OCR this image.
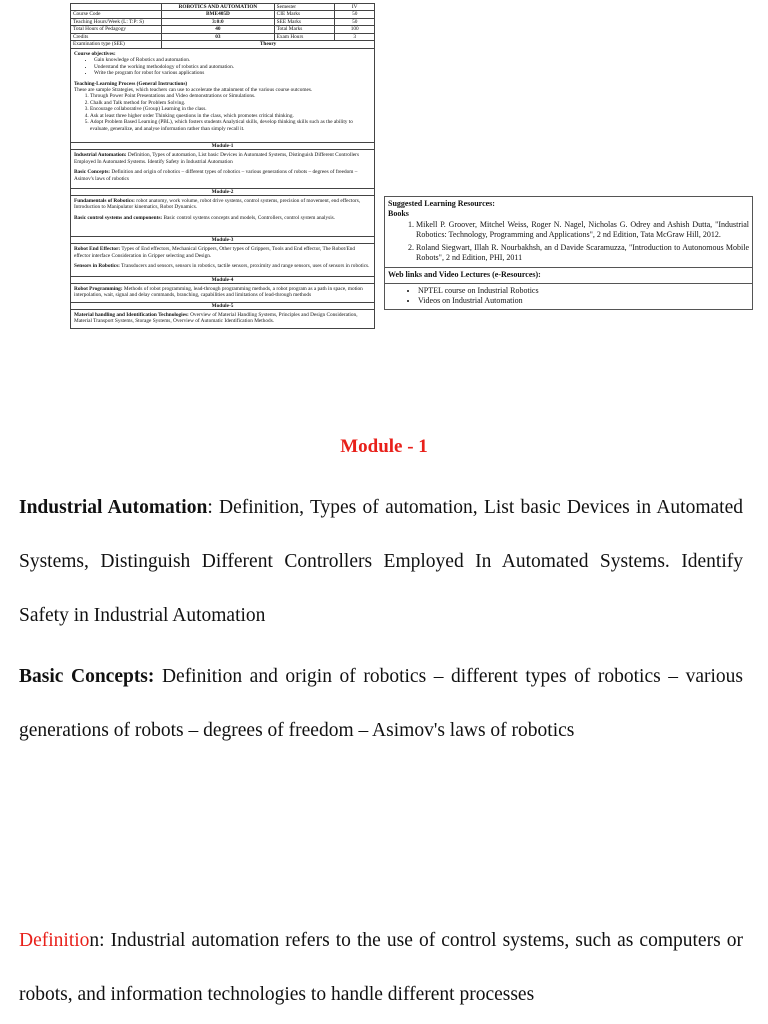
	ROBOTICS AND AUTOMATION	Semester	IV
Course Code	BME405D	CIE Marks	50
Teaching Hours/Week (L: T:P: S)	3:0:0	SEE Marks	50
Total Hours of Pedagogy	40	Total Marks	100
Credits	03	Exam Hours	3
Examination type (SEE)	Theory		

Course objectives:

• Gain knowledge of Robotics and automation.
• Understand the working methodology of robotics and automation.
• Write the program for robot for various applications

Teaching-Learning Process (General Instructions)

These are sample Strategies, which teachers can use to accelerate the attainment of the various course outcomes.

1. Through Power Point Presentations and Video demonstrations or Simulations.
2. Chalk and Talk method for Problem Solving.
3. Encourage collaborative (Group) Learning in the class.
4. Ask at least three higher order Thinking questions in the class, which promotes critical thinking.
5. Adopt Problem Based Learning (PBL), which fosters students Analytical skills, develop thinking skills such as the ability to evaluate, generalize, and analyse information rather than simply recall it.
Module-1

Industrial Automation: Definition, Types of automation, List basic Devices in Automated Systems, Distinguish Different Controllers Employed In Automated Systems. Identify Safety in Industrial Automation

Basic Concepts: Definition and origin of robotics – different types of robotics – various generations of robots – degrees of freedom – Asimov's laws of robotics

Module-2

Fundamentals of Robotics: robot anatomy, work volume, robot drive systems, control systems, precision of movement, end effectors, Introduction to Manipulator kinematics, Robot Dynamics.

Basic control systems and components: Basic control systems concepts and models, Controllers, control system analysis.

Module-3

Robot End Effector: Types of End effectors, Mechanical Grippers, Other types of Grippers, Tools and End effector, The Robot/End effector interface Consideration in Gripper selecting and Design.

Sensors in Robotics: Transducers and sensors, sensors in robotics, tactile sensors, proximity and range sensors, uses of sensors in robotics.

Module-4

Robot Programming: Methods of robot programming, lead-through programming methods, a robot program as a path in space, motion interpolation, wait, signal and delay commands, branching, capabilities and limitations of lead-through methods

Module-5

Material handling and Identification Technologies: Overview of Material Handling Systems, Principles and Design Consideration, Material Transport Systems, Storage Systems, Overview of Automatic Identification Methods.

Suggested Learning Resources:
Books
1. Mikell P. Groover, Mitchel Weiss, Roger N. Nagel, Nicholas G. Odrey and Ashish Dutta, "Industrial Robotics: Technology, Programming and Applications", 2 nd Edition, Tata McGraw Hill, 2012.
2. Roland Siegwart, Illah R. Nourbakhsh, an d Davide Scaramuzza, "Introduction to Autonomous Mobile Robots", 2 nd Edition, PHI, 2011
Web links and Video Lectures (e-Resources):
• NPTEL course on Industrial Robotics
• Videos on Industrial Automation
Module - 1
Industrial Automation: Definition, Types of automation, List basic Devices in Automated Systems, Distinguish Different Controllers Employed In Automated Systems. Identify Safety in Industrial Automation
Basic Concepts: Definition and origin of robotics – different types of robotics – various generations of robots – degrees of freedom – Asimov's laws of robotics
Definition: Industrial automation refers to the use of control systems, such as computers or robots, and information technologies to handle different processes
